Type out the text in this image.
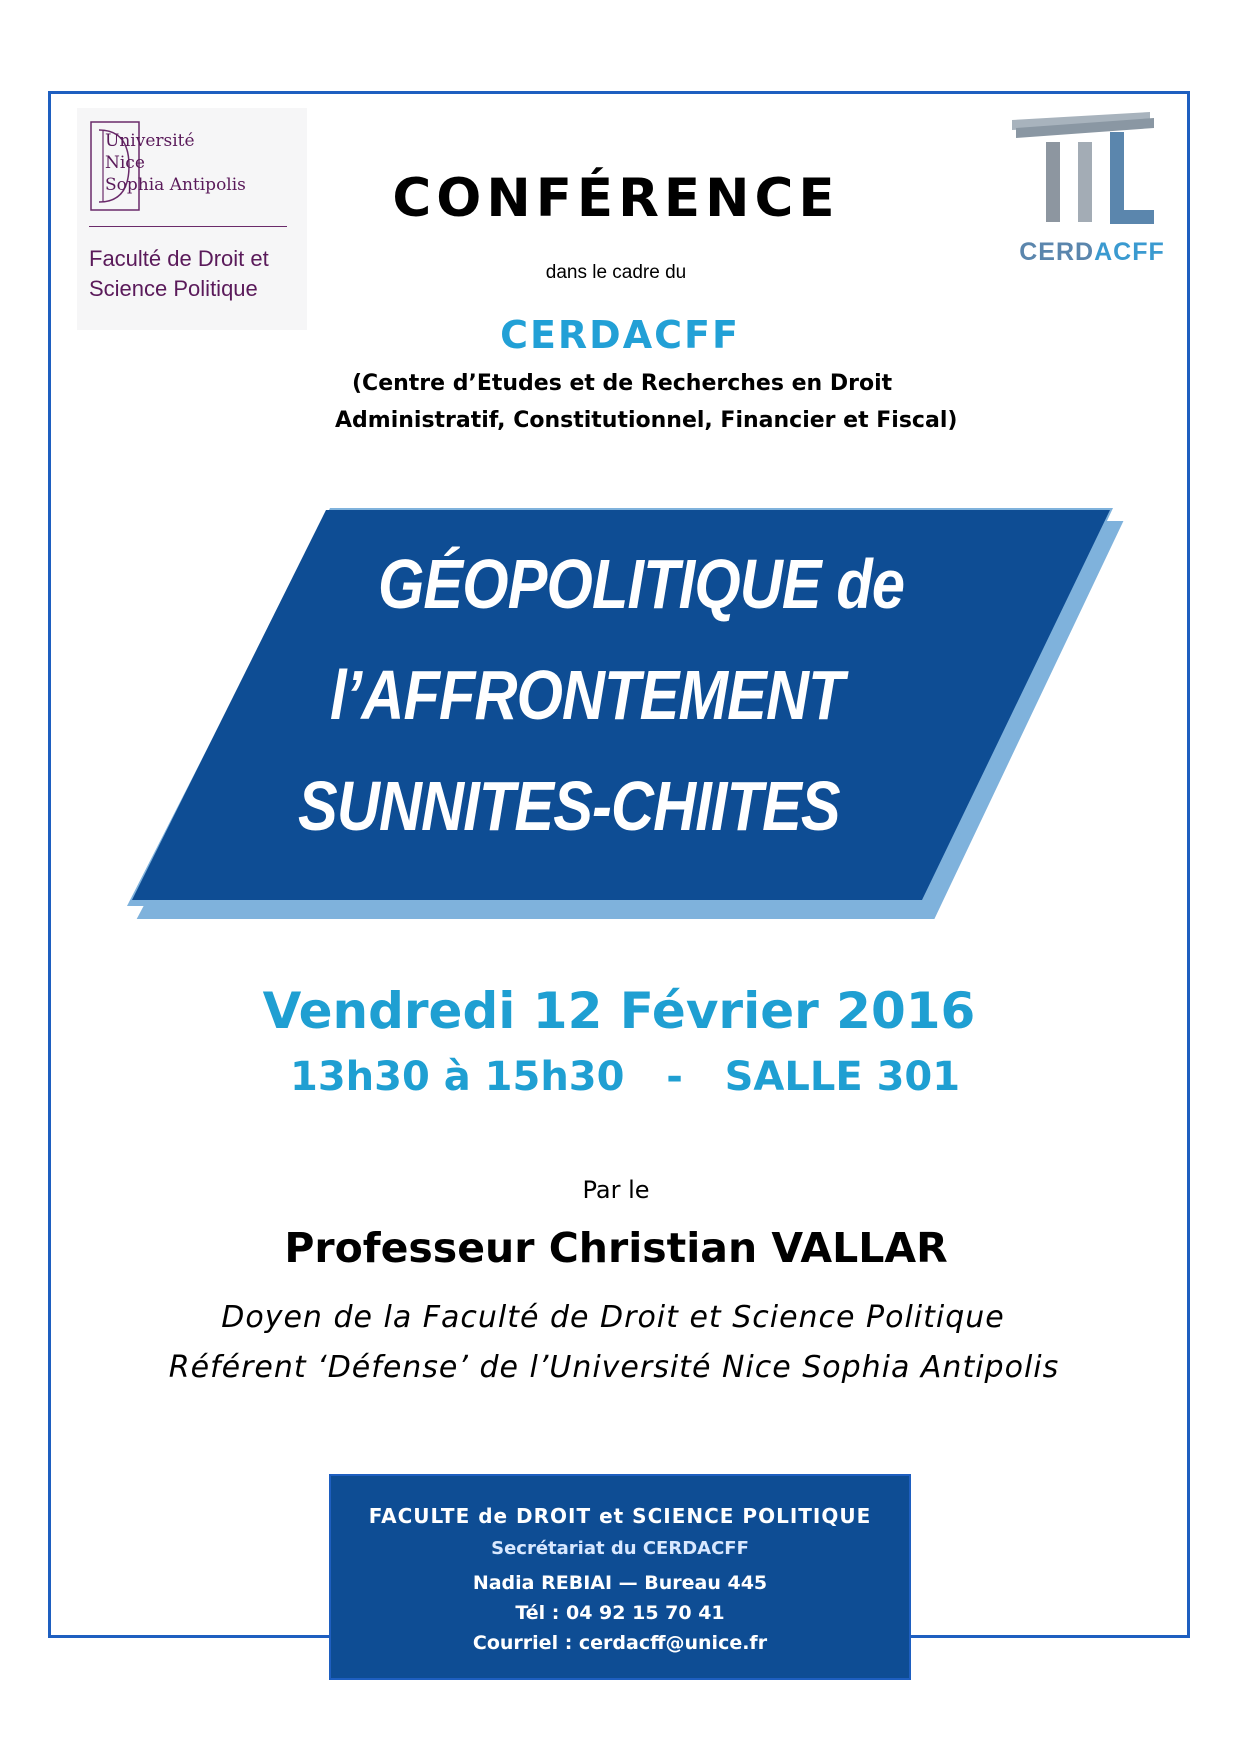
Université
Nice
Sophia Antipolis
Faculté de Droit et
Science Politique
CERDACFF
CONFÉRENCE
dans le cadre du
CERDACFF
(Centre d’Etudes et de Recherches en Droit
Administratif, Constitutionnel, Financier et Fiscal)
GÉOPOLITIQUE de
l’AFFRONTEMENT
SUNNITES-CHIITES
Vendredi 12 Février 2016
13h30 à 15h30   -   SALLE 301
Par le
Professeur Christian VALLAR
Doyen de la Faculté de Droit et Science Politique
Référent ‘Défense’ de l’Université Nice Sophia Antipolis
FACULTE de DROIT et SCIENCE POLITIQUE
Secrétariat du CERDACFF
Nadia REBIAI — Bureau 445
Tél : 04 92 15 70 41
Courriel : cerdacff@unice.fr
